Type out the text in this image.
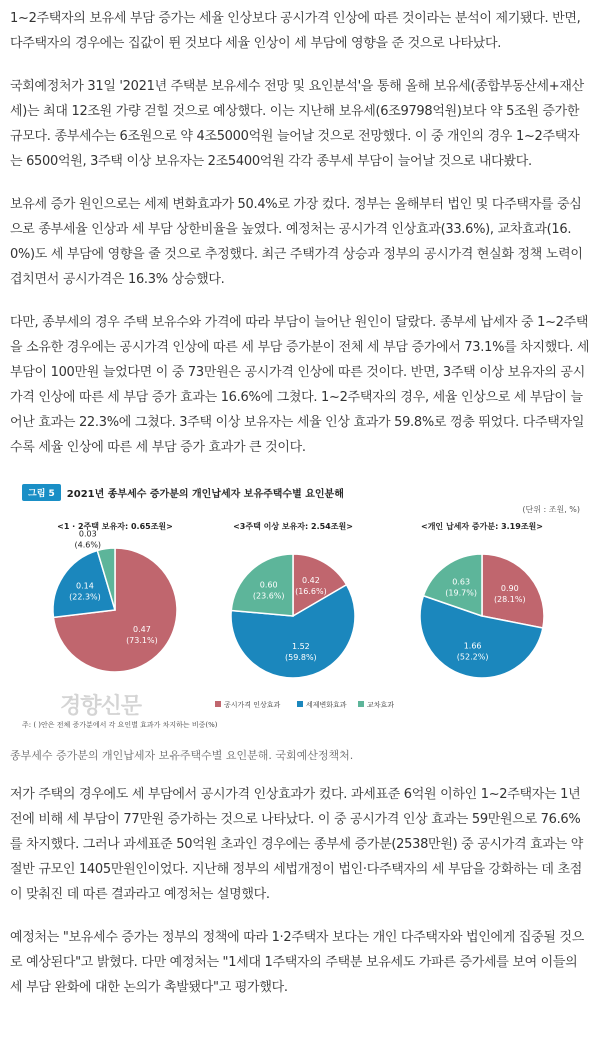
1~2주택자의 보유세 부담 증가는 세율 인상보다 공시가격 인상에 따른 것이라는 분석이 제기됐다. 반면, 다주택자의 경우에는 집값이 뛴 것보다 세율 인상이 세 부담에 영향을 준 것으로 나타났다.

국회예정처가 31일 '2021년 주택분 보유세수 전망 및 요인분석'을 통해 올해 보유세(종합부동산세+재산세)는 최대 12조원 가량 걷힐 것으로 예상했다. 이는 지난해 보유세(6조9798억원)보다 약 5조원 증가한 규모다. 종부세수는 6조원으로 약 4조5000억원 늘어날 것으로 전망했다. 이 중 개인의 경우 1~2주택자는 6500억원, 3주택 이상 보유자는 2조5400억원 각각 종부세 부담이 늘어날 것으로 내다봤다.

보유세 증가 원인으로는 세제 변화효과가 50.4%로 가장 컸다. 정부는 올해부터 법인 및 다주택자를 중심으로 종부세율 인상과 세 부담 상한비율을 높였다. 예정처는 공시가격 인상효과(33.6%), 교차효과(16.0%)도 세 부담에 영향을 줄 것으로 추정했다. 최근 주택가격 상승과 정부의 공시가격 현실화 정책 노력이 겹치면서 공시가격은 16.3% 상승했다.

다만, 종부세의 경우 주택 보유수와 가격에 따라 부담이 늘어난 원인이 달랐다. 종부세 납세자 중 1~2주택을 소유한 경우에는 공시가격 인상에 따른 세 부담 증가분이 전체 세 부담 증가에서 73.1%를 차지했다. 세 부담이 100만원 늘었다면 이 중 73만원은 공시가격 인상에 따른 것이다. 반면, 3주택 이상 보유자의 공시가격 인상에 따른 세 부담 증가 효과는 16.6%에 그쳤다. 1~2주택자의 경우, 세율 인상으로 세 부담이 늘어난 효과는 22.3%에 그쳤다. 3주택 이상 보유자는 세율 인상 효과가 59.8%로 껑충 뛰었다. 다주택자일수록 세율 인상에 따른 세 부담 증가 효과가 큰 것이다.

그림 5	2021년 종부세수 증가분의 개인납세자 보유주택수별 요인분해
(단위 : 조원, %)
<1 · 2주택 보유자: 0.65조원>
0.47
(73.1%)
0.14
(22.3%)
0.03
(4.6%)
<3주택 이상 보유자: 2.54조원>
0.42
(16.6%)
1.52
(59.8%)
0.60
(23.6%)
<개인 납세자 증가분: 3.19조원>
0.90
(28.1%)
1.66
(52.2%)
0.63
(19.7%)
공시가격 인상효과	세제변화효과	교차효과
경향신문
주: ( )안은 전체 증가분에서 각 요인별 효과가 차지하는 비중(%)

종부세수 증가분의 개인납세자 보유주택수별 요인분해. 국회예산정책처.

저가 주택의 경우에도 세 부담에서 공시가격 인상효과가 컸다. 과세표준 6억원 이하인 1~2주택자는 1년 전에 비해 세 부담이 77만원 증가하는 것으로 나타났다. 이 중 공시가격 인상 효과는 59만원으로 76.6%를 차지했다. 그러나 과세표준 50억원 초과인 경우에는 종부세 증가분(2538만원) 중 공시가격 효과는 약 절반 규모인 1405만원인이었다. 지난해 정부의 세법개정이 법인·다주택자의 세 부담을 강화하는 데 초점이 맞춰진 데 따른 결과라고 예정처는 설명했다.

예정처는 "보유세수 증가는 정부의 정책에 따라 1·2주택자 보다는 개인 다주택자와 법인에게 집중될 것으로 예상된다"고 밝혔다. 다만 예정처는 "1세대 1주택자의 주택분 보유세도 가파른 증가세를 보여 이들의 세 부담 완화에 대한 논의가 촉발됐다"고 평가했다.
